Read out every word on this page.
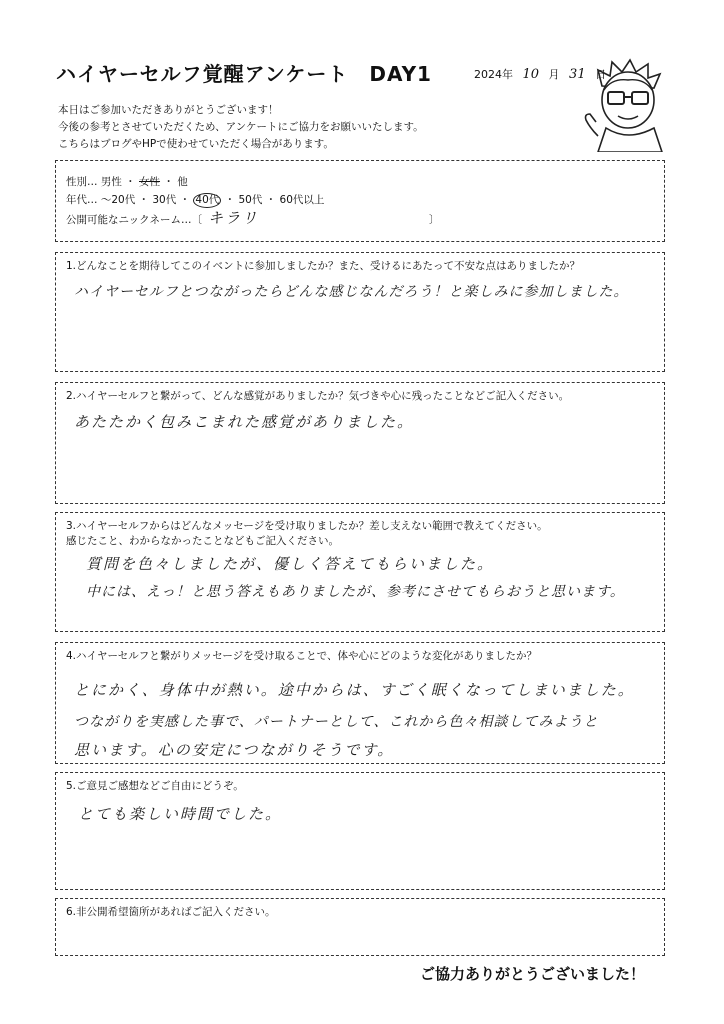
ハイヤーセルフ覚醒アンケート　DAY1	2024年 10 月 31 日
本日はご参加いただきありがとうございます！
今後の参考とさせていただくため、アンケートにご協力をお願いいたします。
こちらはブログやHPで使わせていただく場合があります。
性別… 男性 ・ 女性 ・ 他
年代… ～20代 ・ 30代 ・ 40代 ・ 50代 ・ 60代以上
公開可能なニックネーム…〔 キラリ	〕
1.どんなことを期待してこのイベントに参加しましたか？また、受けるにあたって不安な点はありましたか？
ハイヤーセルフとつながったらどんな感じなんだろう！と楽しみに参加しました。
2.ハイヤーセルフと繋がって、どんな感覚がありましたか？気づきや心に残ったことなどご記入ください。
あたたかく包みこまれた感覚がありました。
3.ハイヤーセルフからはどんなメッセージを受け取りましたか？差し支えない範囲で教えてください。
感じたこと、わからなかったことなどもご記入ください。
質問を色々しましたが、優しく答えてもらいました。
中には、えっ！と思う答えもありましたが、参考にさせてもらおうと思います。
4.ハイヤーセルフと繋がりメッセージを受け取ることで、体や心にどのような変化がありましたか？
とにかく、身体中が熱い。途中からは、すごく眠くなってしまいました。
つながりを実感した事で、パートナーとして、これから色々相談してみようと
思います。心の安定につながりそうです。
5.ご意見ご感想などご自由にどうぞ。
とても楽しい時間でした。
6.非公開希望箇所があればご記入ください。
ご協力ありがとうございました！
